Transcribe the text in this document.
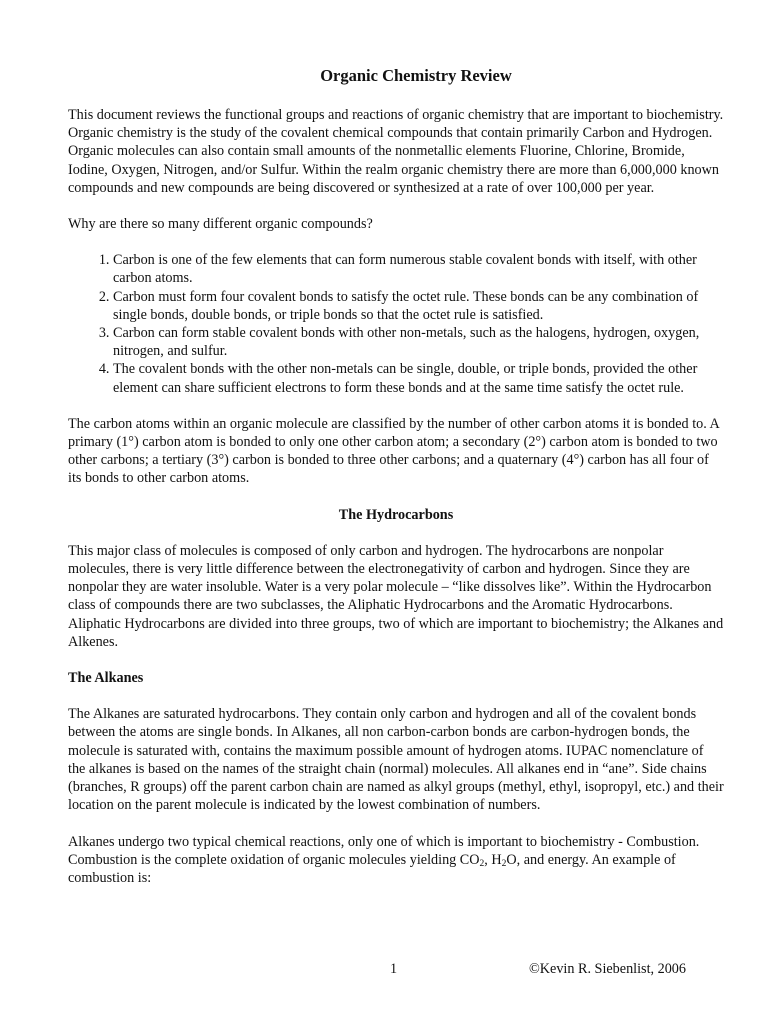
Organic Chemistry Review

This document reviews the functional groups and reactions of organic chemistry that are important to biochemistry. Organic chemistry is the study of the covalent chemical compounds that contain primarily Carbon and Hydrogen. Organic molecules can also contain small amounts of the nonmetallic elements Fluorine, Chlorine, Bromide, Iodine, Oxygen, Nitrogen, and/or Sulfur. Within the realm organic chemistry there are more than 6,000,000 known compounds and new compounds are being discovered or synthesized at a rate of over 100,000 per year.

Why are there so many different organic compounds?

1. Carbon is one of the few elements that can form numerous stable covalent bonds with itself, with other carbon atoms.
2. Carbon must form four covalent bonds to satisfy the octet rule. These bonds can be any combination of single bonds, double bonds, or triple bonds so that the octet rule is satisfied.
3. Carbon can form stable covalent bonds with other non-metals, such as the halogens, hydrogen, oxygen, nitrogen, and sulfur.
4. The covalent bonds with the other non-metals can be single, double, or triple bonds, provided the other element can share sufficient electrons to form these bonds and at the same time satisfy the octet rule.

The carbon atoms within an organic molecule are classified by the number of other carbon atoms it is bonded to. A primary (1°) carbon atom is bonded to only one other carbon atom; a secondary (2°) carbon atom is bonded to two other carbons; a tertiary (3°) carbon is bonded to three other carbons; and a quaternary (4°) carbon has all four of its bonds to other carbon atoms.

The Hydrocarbons

This major class of molecules is composed of only carbon and hydrogen. The hydrocarbons are nonpolar molecules, there is very little difference between the electronegativity of carbon and hydrogen. Since they are nonpolar they are water insoluble. Water is a very polar molecule – “like dissolves like”. Within the Hydrocarbon class of compounds there are two subclasses, the Aliphatic Hydrocarbons and the Aromatic Hydrocarbons. Aliphatic Hydrocarbons are divided into three groups, two of which are important to biochemistry; the Alkanes and Alkenes.

The Alkanes

The Alkanes are saturated hydrocarbons. They contain only carbon and hydrogen and all of the covalent bonds between the atoms are single bonds. In Alkanes, all non carbon-carbon bonds are carbon-hydrogen bonds, the molecule is saturated with, contains the maximum possible amount of hydrogen atoms. IUPAC nomenclature of the alkanes is based on the names of the straight chain (normal) molecules. All alkanes end in “ane”. Side chains (branches, R groups) off the parent carbon chain are named as alkyl groups (methyl, ethyl, isopropyl, etc.) and their location on the parent molecule is indicated by the lowest combination of numbers.

Alkanes undergo two typical chemical reactions, only one of which is important to biochemistry - Combustion. Combustion is the complete oxidation of organic molecules yielding $CO_2$, $H_2O$, and energy. An example of combustion is:

1	©Kevin R. Siebenlist, 2006
